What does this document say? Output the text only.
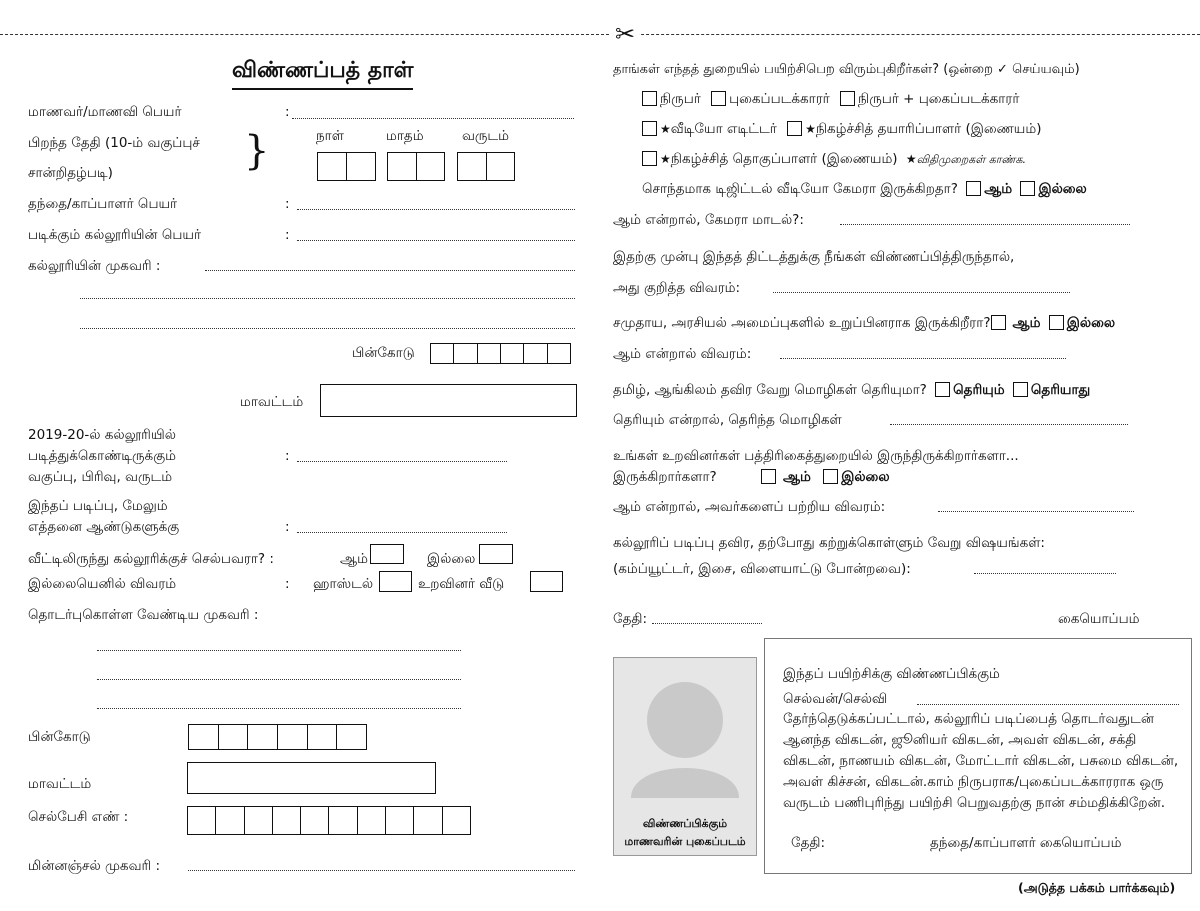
✂
விண்ணப்பத் தாள்
மாணவர்/மாணவி பெயர்	:
பிறந்த தேதி (10-ம் வகுப்புச்
சான்றிதழ்படி)	}	நாள்	மாதம்	வருடம்
தந்தை/காப்பாளர் பெயர்	:
படிக்கும் கல்லூரியின் பெயர்	:
கல்லூரியின் முகவரி :
பின்கோடு
மாவட்டம்
2019-20-ல் கல்லூரியில்
படித்துக்கொண்டிருக்கும்
வகுப்பு, பிரிவு, வருடம்
:
இந்தப் படிப்பு, மேலும்
எத்தனை ஆண்டுகளுக்கு	:
வீட்டிலிருந்து கல்லூரிக்குச் செல்பவரா? :	ஆம்	இல்லை
இல்லையெனில் விவரம்	: ஹாஸ்டல்	உறவினர் வீடு
தொடர்புகொள்ள வேண்டிய முகவரி :
பின்கோடு
மாவட்டம்
செல்பேசி எண் :
மின்னஞ்சல் முகவரி :
தாங்கள் எந்தத் துறையில் பயிற்சிபெற விரும்புகிறீர்கள்? (ஒன்றை ✓ செய்யவும்)
நிருபர் புகைப்படக்காரர் நிருபர் + புகைப்படக்காரர்
★வீடியோ எடிட்டர் ★நிகழ்ச்சித் தயாரிப்பாளர் (இணையம்)
★நிகழ்ச்சித் தொகுப்பாளர் (இணையம்) ★விதிமுறைகள் காண்க.
சொந்தமாக டிஜிட்டல் வீடியோ கேமரா இருக்கிறதா? ஆம் இல்லை
ஆம் என்றால், கேமரா மாடல்?:
இதற்கு முன்பு இந்தத் திட்டத்துக்கு நீங்கள் விண்ணப்பித்திருந்தால்,
அது குறித்த விவரம்:
சமுதாய, அரசியல் அமைப்புகளில் உறுப்பினராக இருக்கிறீரா? ஆம் இல்லை
ஆம் என்றால் விவரம்:
தமிழ், ஆங்கிலம் தவிர வேறு மொழிகள் தெரியுமா? தெரியும் தெரியாது
தெரியும் என்றால், தெரிந்த மொழிகள்
உங்கள் உறவினர்கள் பத்திரிகைத்துறையில் இருந்திருக்கிறார்களா...
இருக்கிறார்களா?	ஆம் இல்லை
ஆம் என்றால், அவர்களைப் பற்றிய விவரம்:
கல்லூரிப் படிப்பு தவிர, தற்போது கற்றுக்கொள்ளும் வேறு விஷயங்கள்:
(கம்ப்யூட்டர், இசை, விளையாட்டு போன்றவை):
தேதி:	கையொப்பம்
விண்ணப்பிக்கும்
மாணவரின் புகைப்படம்
இந்தப் பயிற்சிக்கு விண்ணப்பிக்கும்
செல்வன்/செல்வி
தேர்ந்தெடுக்கப்பட்டால், கல்லூரிப் படிப்பைத் தொடர்வதுடன்
ஆனந்த விகடன், ஜூனியர் விகடன், அவள் விகடன், சக்தி
விகடன், நாணயம் விகடன், மோட்டார் விகடன், பசுமை விகடன்,
அவள் கிச்சன், விகடன்.காம் நிருபராக/புகைப்படக்காரராக ஒரு
வருடம் பணிபுரிந்து பயிற்சி பெறுவதற்கு நான் சம்மதிக்கிறேன்.
தேதி:	தந்தை/காப்பாளர் கையொப்பம்
(அடுத்த பக்கம் பார்க்கவும்)
